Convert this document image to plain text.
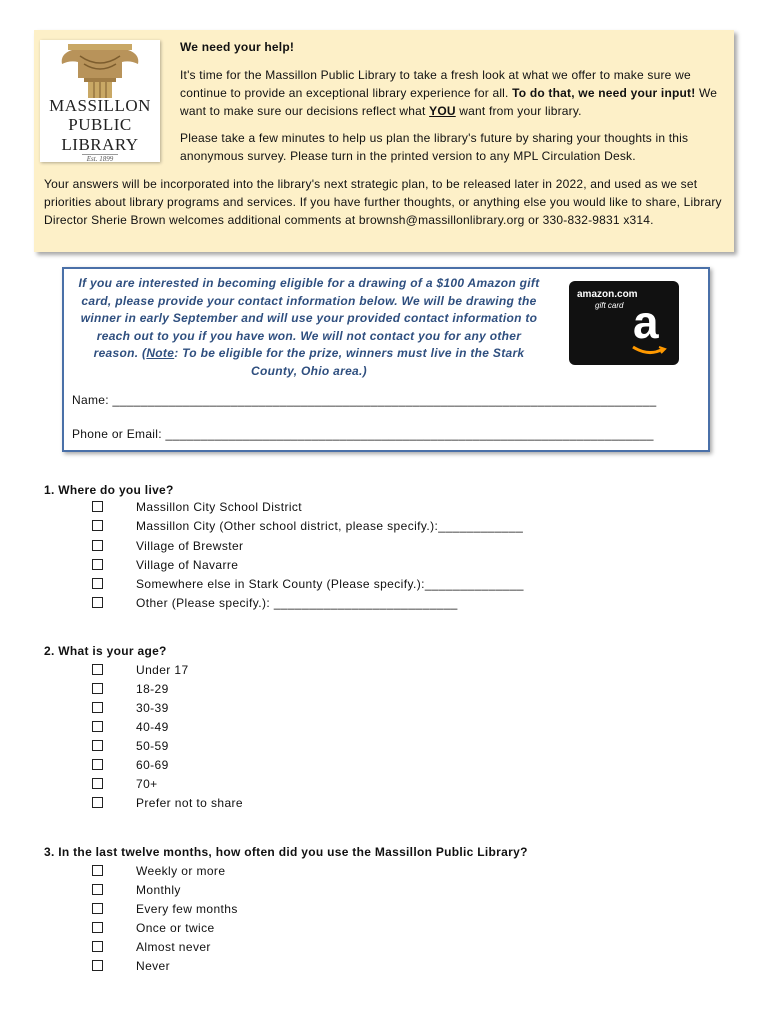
MASSILLON
PUBLIC
LIBRARY
Est. 1899
We need your help!
It's time for the Massillon Public Library to take a fresh look at what we offer to make sure we continue to provide an exceptional library experience for all. To do that, we need your input! We want to make sure our decisions reflect what YOU want from your library.
Please take a few minutes to help us plan the library's future by sharing your thoughts in this anonymous survey. Please turn in the printed version to any MPL Circulation Desk.
Your answers will be incorporated into the library's next strategic plan, to be released later in 2022, and used as we set priorities about library programs and services. If you have further thoughts, or anything else you would like to share, Library Director Sherie Brown welcomes additional comments at brownsh@massillonlibrary.org or 330-832-9831 x314.
If you are interested in becoming eligible for a drawing of a $100 Amazon gift card, please provide your contact information below. We will be drawing the winner in early September and will use your provided contact information to reach out to you if you have won. We will not contact you for any other reason. (Note: To be eligible for the prize, winners must live in the Stark County, Ohio area.)
amazon.com
gift card a
Name: ______________________________________________________________________________
Phone or Email: ______________________________________________________________________
1. Where do you live?
Massillon City School District
Massillon City (Other school district, please specify.):____________
Village of Brewster
Village of Navarre
Somewhere else in Stark County (Please specify.):______________
Other (Please specify.): __________________________
2. What is your age?
Under 17
18-29
30-39
40-49
50-59
60-69
70+
Prefer not to share
3. In the last twelve months, how often did you use the Massillon Public Library?
Weekly or more
Monthly
Every few months
Once or twice
Almost never
Never
